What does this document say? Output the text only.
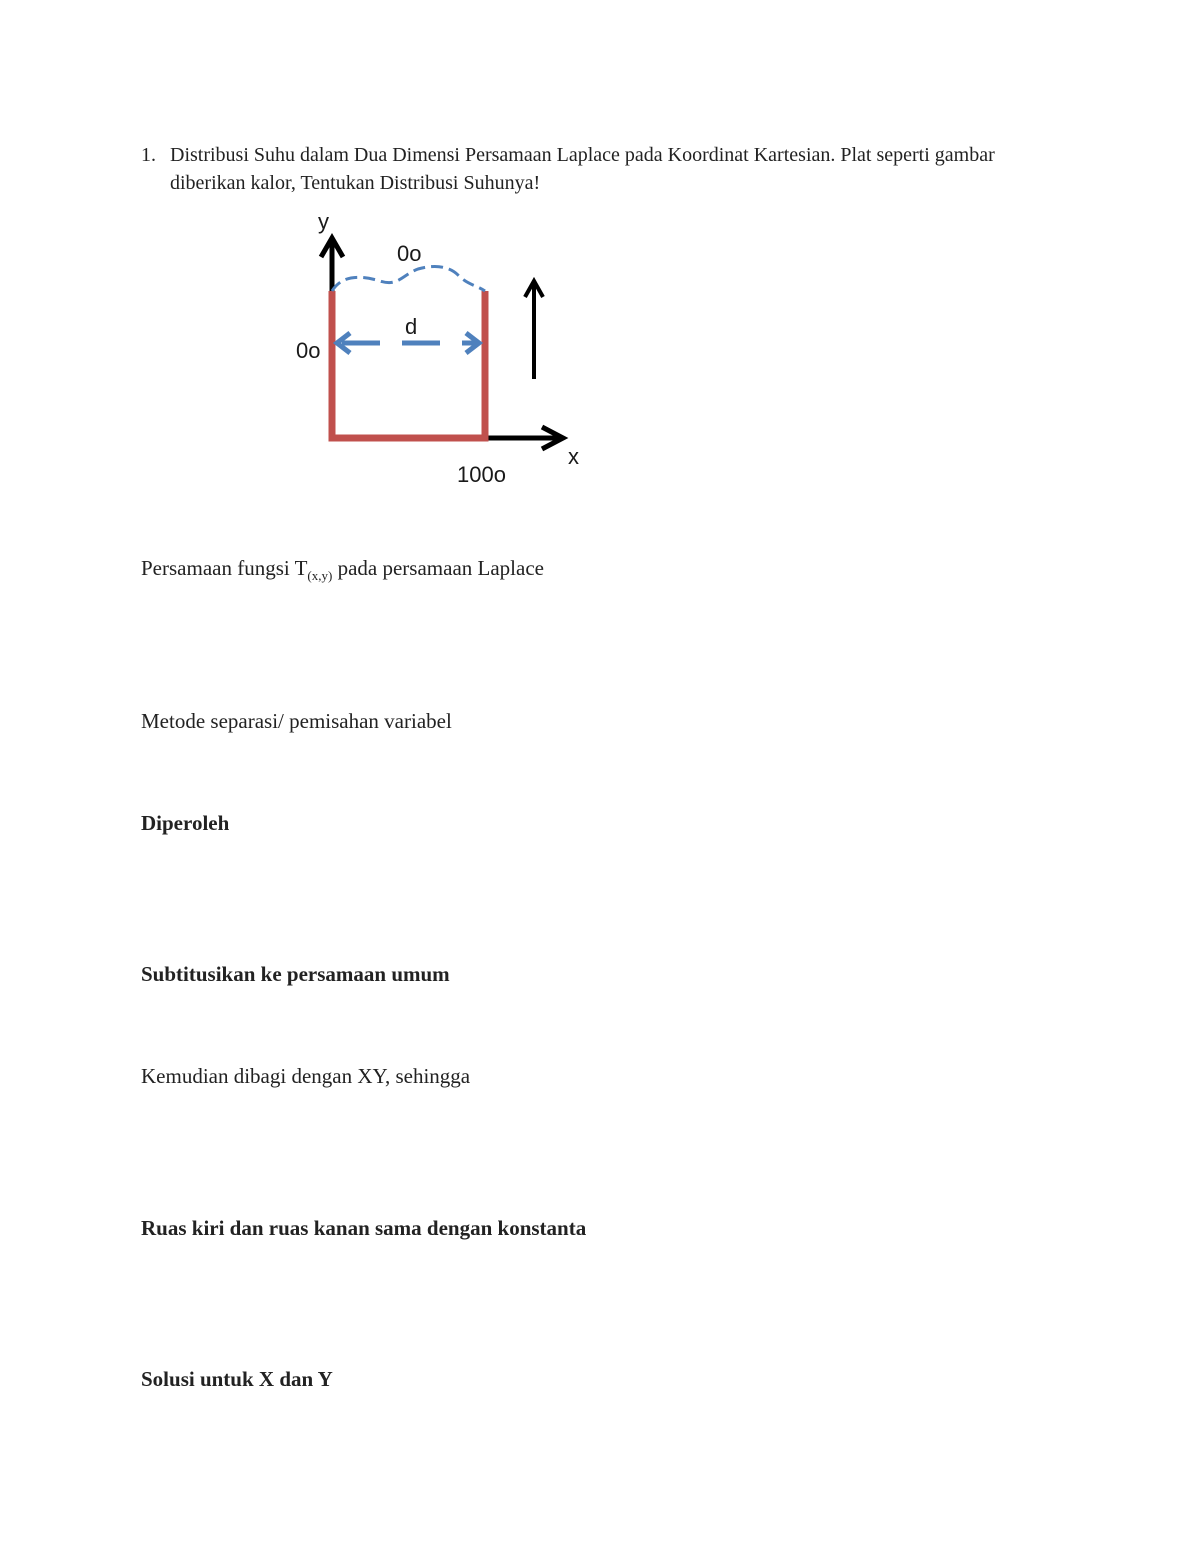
1. Distribusi Suhu dalam Dua Dimensi Persamaan Laplace pada Koordinat Kartesian. Plat seperti gambar diberikan kalor, Tentukan Distribusi Suhunya!
y
x
0o
d
0o
100o
Persamaan fungsi $T_{(x,y)}$ pada persamaan Laplace
Metode separasi/ pemisahan variabel
Diperoleh
Subtitusikan ke persamaan umum
Kemudian dibagi dengan XY, sehingga
Ruas kiri dan ruas kanan sama dengan konstanta
Solusi untuk X dan Y
